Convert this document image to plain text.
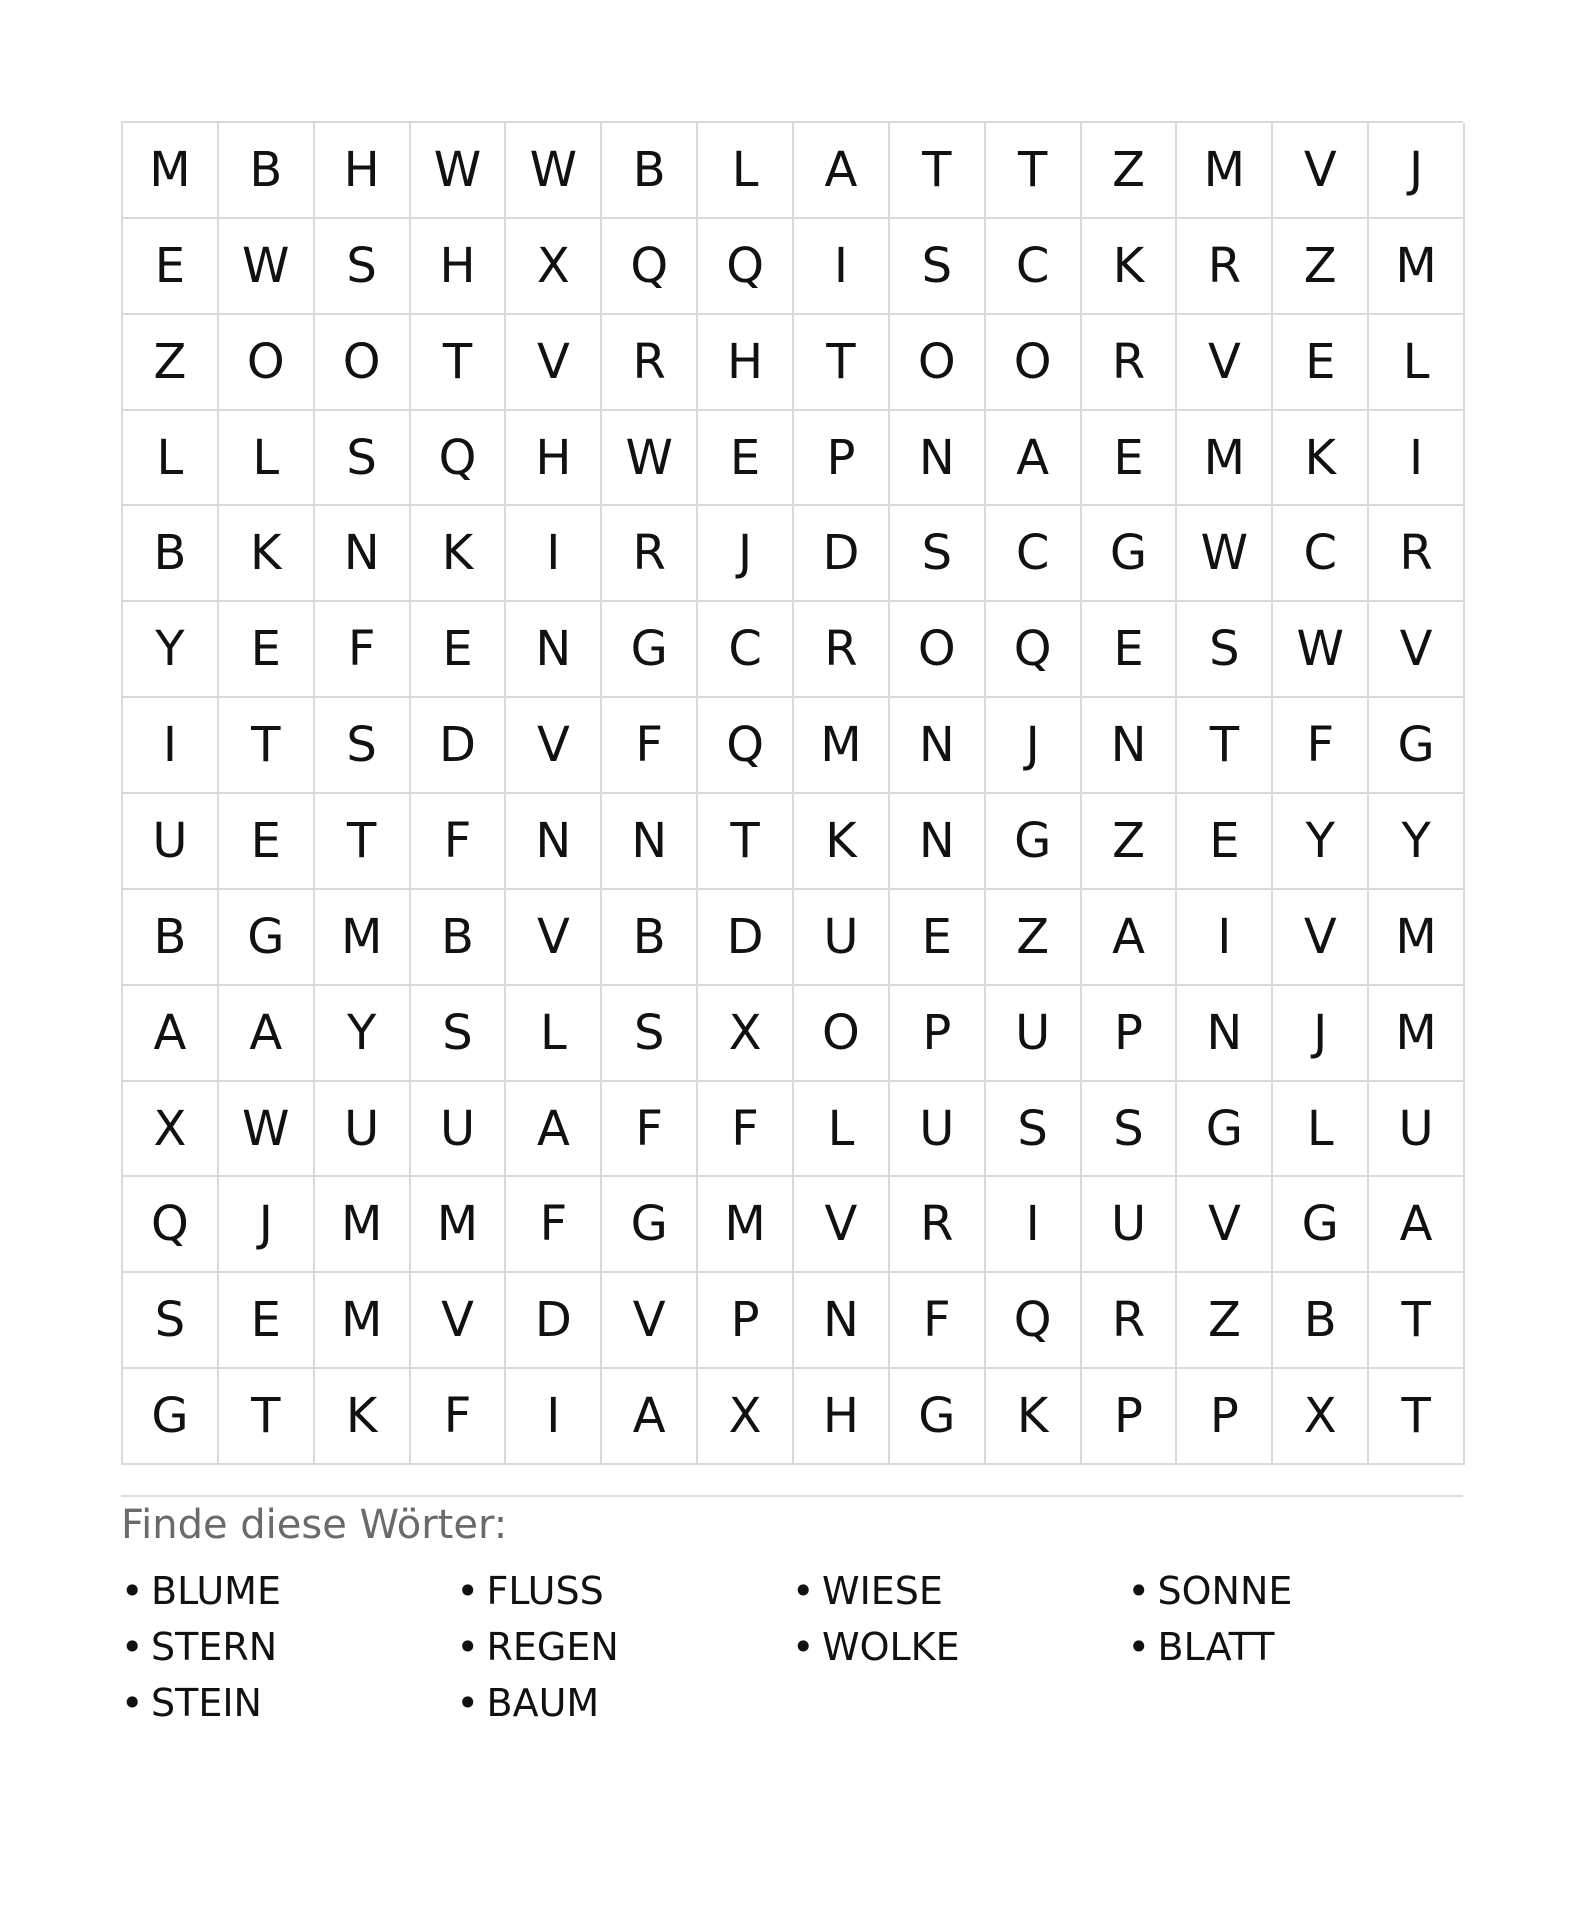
M	B	H	W	W	B	L	A	T	T	Z	M	V	J
E	W	S	H	X	Q	Q	I	S	C	K	R	Z	M
Z	O	O	T	V	R	H	T	O	O	R	V	E	L
L	L	S	Q	H	W	E	P	N	A	E	M	K	I
B	K	N	K	I	R	J	D	S	C	G	W	C	R
Y	E	F	E	N	G	C	R	O	Q	E	S	W	V
I	T	S	D	V	F	Q	M	N	J	N	T	F	G
U	E	T	F	N	N	T	K	N	G	Z	E	Y	Y
B	G	M	B	V	B	D	U	E	Z	A	I	V	M
A	A	Y	S	L	S	X	O	P	U	P	N	J	M
X	W	U	U	A	F	F	L	U	S	S	G	L	U
Q	J	M	M	F	G	M	V	R	I	U	V	G	A
S	E	M	V	D	V	P	N	F	Q	R	Z	B	T
G	T	K	F	I	A	X	H	G	K	P	P	X	T
Finde diese Wörter:
• BLUME	• FLUSS	• WIESE	• SONNE
• STERN	• REGEN	• WOLKE	• BLATT
• STEIN	• BAUM
